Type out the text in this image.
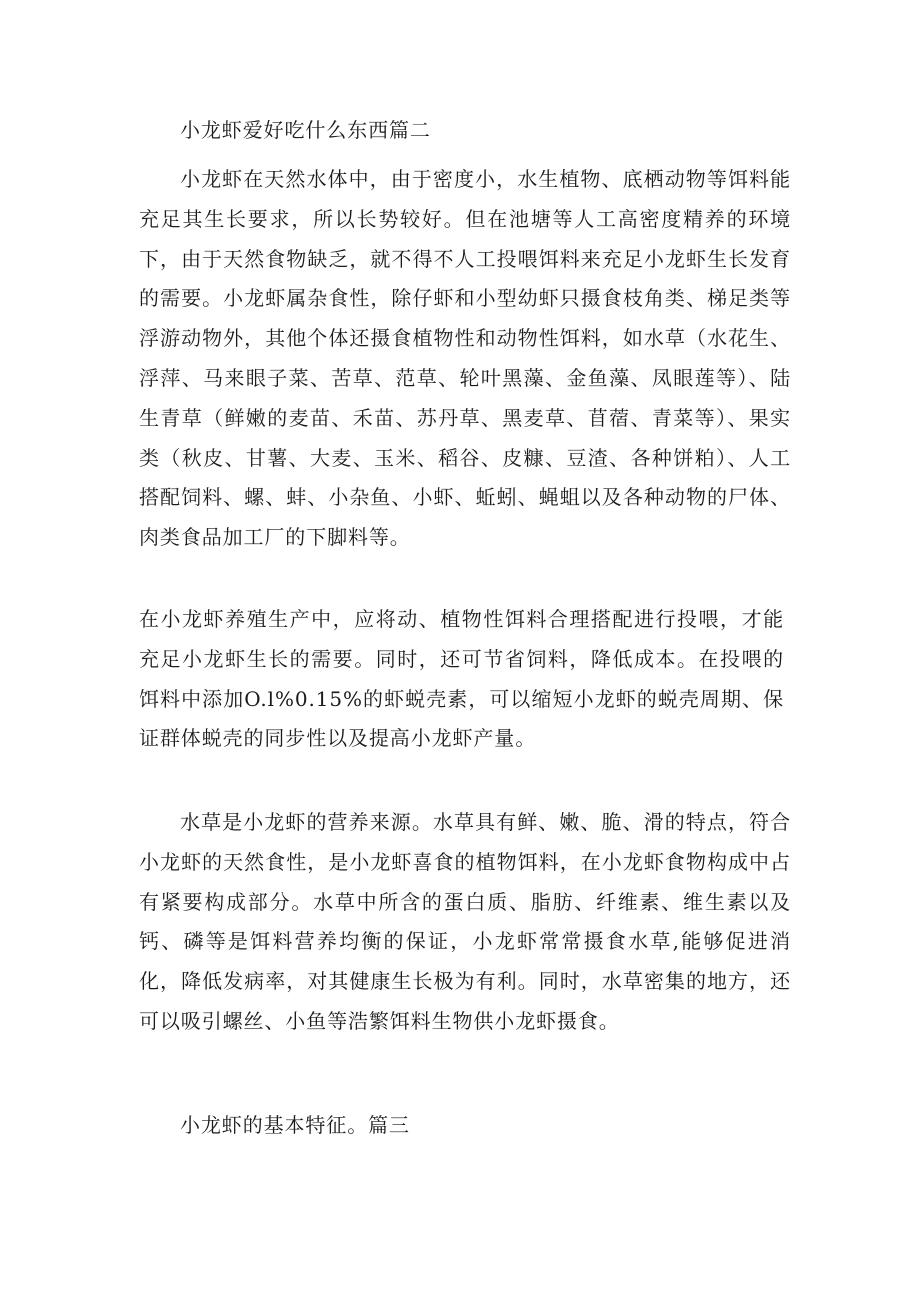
小龙虾爱好吃什么东西篇二

小龙虾在天然水体中，由于密度小，水生植物、底栖动物等饵料能充足其生长要求，所以长势较好。但在池塘等人工高密度精养的环境下，由于天然食物缺乏，就不得不人工投喂饵料来充足小龙虾生长发育的需要。小龙虾属杂食性，除仔虾和小型幼虾只摄食枝角类、梯足类等浮游动物外，其他个体还摄食植物性和动物性饵料，如水草（水花生、浮萍、马来眼子菜、苦草、范草、轮叶黑藻、金鱼藻、凤眼莲等）、陆生青草（鲜嫩的麦苗、禾苗、苏丹草、黑麦草、苜蓿、青菜等）、果实类（秋皮、甘薯、大麦、玉米、稻谷、皮糠、豆渣、各种饼粕）、人工搭配饲料、螺、蚌、小杂鱼、小虾、蚯蚓、蝇蛆以及各种动物的尸体、肉类食品加工厂的下脚料等。

在小龙虾养殖生产中，应将动、植物性饵料合理搭配进行投喂，才能充足小龙虾生长的需要。同时，还可节省饲料，降低成本。在投喂的饵料中添加O.l%0.15%的虾蜕壳素，可以缩短小龙虾的蜕壳周期、保证群体蜕壳的同步性以及提高小龙虾产量。

水草是小龙虾的营养来源。水草具有鲜、嫩、脆、滑的特点，符合小龙虾的天然食性，是小龙虾喜食的植物饵料，在小龙虾食物构成中占有紧要构成部分。水草中所含的蛋白质、脂肪、纤维素、维生素以及钙、磷等是饵料营养均衡的保证，小龙虾常常摄食水草,能够促进消化，降低发病率，对其健康生长极为有利。同时，水草密集的地方，还可以吸引螺丝、小鱼等浩繁饵料生物供小龙虾摄食。

小龙虾的基本特征。篇三
